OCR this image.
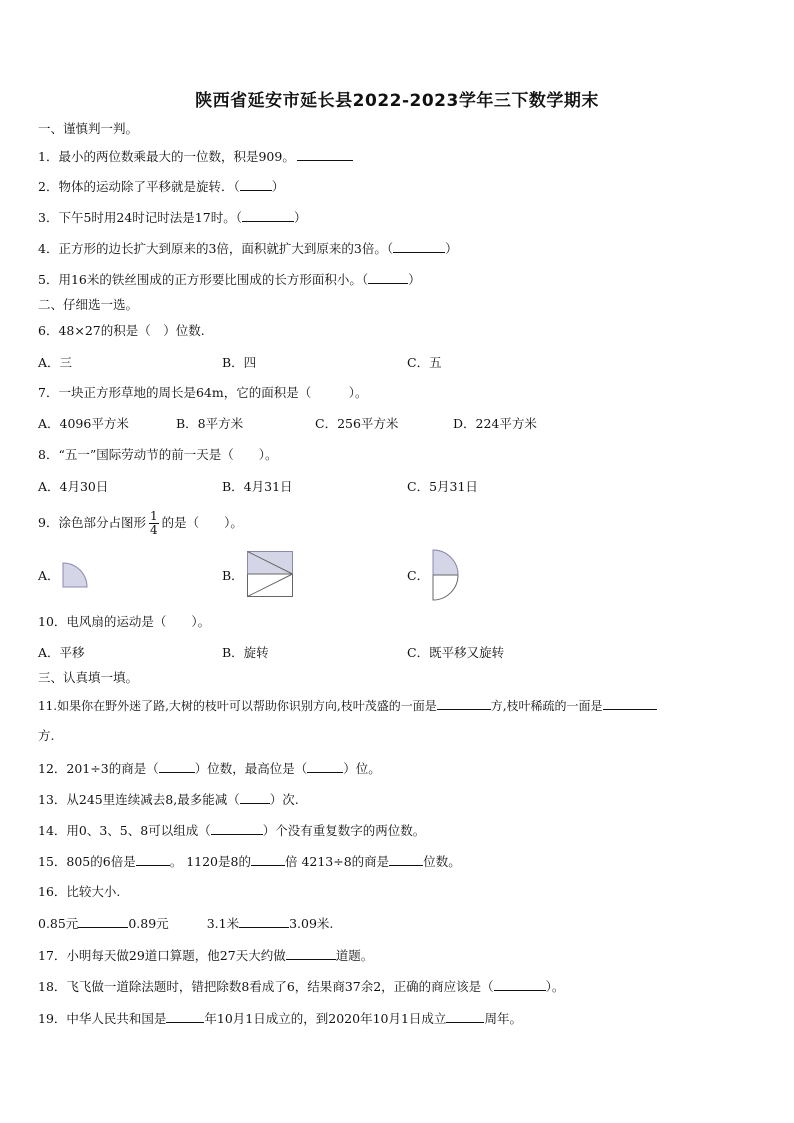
陕西省延安市延长县2022-2023学年三下数学期末
一、谨慎判一判。
1．最小的两位数乘最大的一位数，积是909。
2．物体的运动除了平移就是旋转．（	）
3．下午5时用24时记时法是17时。（	）
4．正方形的边长扩大到原来的3倍，面积就扩大到原来的3倍。（	）
5．用16米的铁丝围成的正方形要比围成的长方形面积小。（	）
二、仔细选一选。
6．48×27的积是（　）位数.
A．三	B．四	C．五
7．一块正方形草地的周长是64m，它的面积是（　　　）。
A．4096平方米	B．8平方米	C．256平方米	D．224平方米
8．“五一”国际劳动节的前一天是（　　）。
A．4月30日	B．4月31日	C．5月31日
9．涂色部分占图形 $\frac{1}{4}$ 的是（　　）。
A．	B．	C．
10．电风扇的运动是（　　）。
A．平移	B．旋转	C．既平移又旋转
三、认真填一填。
11.如果你在野外迷了路,大树的枝叶可以帮助你识别方向,枝叶茂盛的一面是	方,枝叶稀疏的一面是
方.
12．201÷3的商是（	）位数，最高位是（	）位。
13．从245里连续减去8,最多能减（ ）次.
14．用0、3、5、8可以组成（	）个没有重复数字的两位数。
15．805的6倍是	。 1120是8的	倍 4213÷8的商是	位数。
16．比较大小.
0.85元	0.89元	3.1米	3.09米.
17．小明每天做29道口算题，他27天大约做	道题。
18．飞飞做一道除法题时，错把除数8看成了6，结果商37余2，正确的商应该是（	）。
19．中华人民共和国是	年10月1日成立的，到2020年10月1日成立	周年。
